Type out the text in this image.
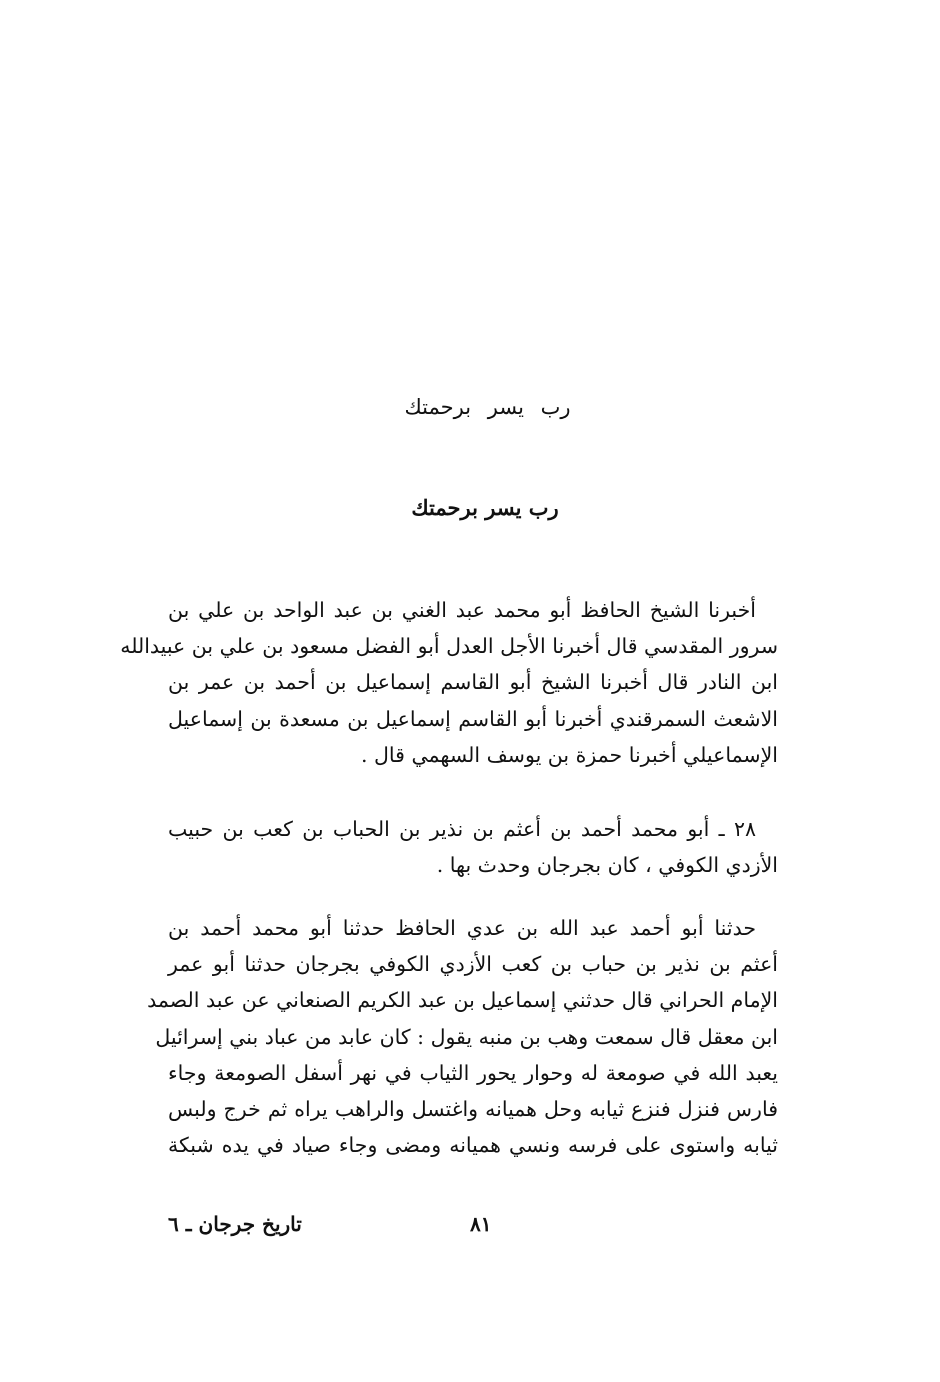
رب يسر برحمتك
رب يسر برحمتك
أخبرنا الشيخ الحافظ أبو محمد عبد الغني بن عبد الواحد بن علي بن
سرور المقدسي قال أخبرنا الأجل العدل أبو الفضل مسعود بن علي بن عبيدالله
ابن النادر قال أخبرنا الشيخ أبو القاسم إسماعيل بن أحمد بن عمر بن
الاشعث السمرقندي أخبرنا أبو القاسم إسماعيل بن مسعدة بن إسماعيل
الإسماعيلي أخبرنا حمزة بن يوسف السهمي قال .
٢٨ ـ أبو محمد أحمد بن أعثم بن نذير بن الحباب بن كعب بن حبيب
الأزدي الكوفي ، كان بجرجان وحدث بها .
حدثنا أبو أحمد عبد الله بن عدي الحافظ حدثنا أبو محمد أحمد بن
أعثم بن نذير بن حباب بن كعب الأزدي الكوفي بجرجان حدثنا أبو عمر
الإمام الحراني قال حدثني إسماعيل بن عبد الكريم الصنعاني عن عبد الصمد
ابن معقل قال سمعت وهب بن منبه يقول : كان عابد من عباد بني إسرائيل
يعبد الله في صومعة له وحوار يحور الثياب في نهر أسفل الصومعة وجاء
فارس فنزل فنزع ثيابه وحل همیانه واغتسل والراهب یراه ثم خرج ولبس
ثيابه واستوى على فرسه ونسي هميانه ومضى وجاء صياد في يده شبكة
٨١
تاريخ جرجان ـ ٦
